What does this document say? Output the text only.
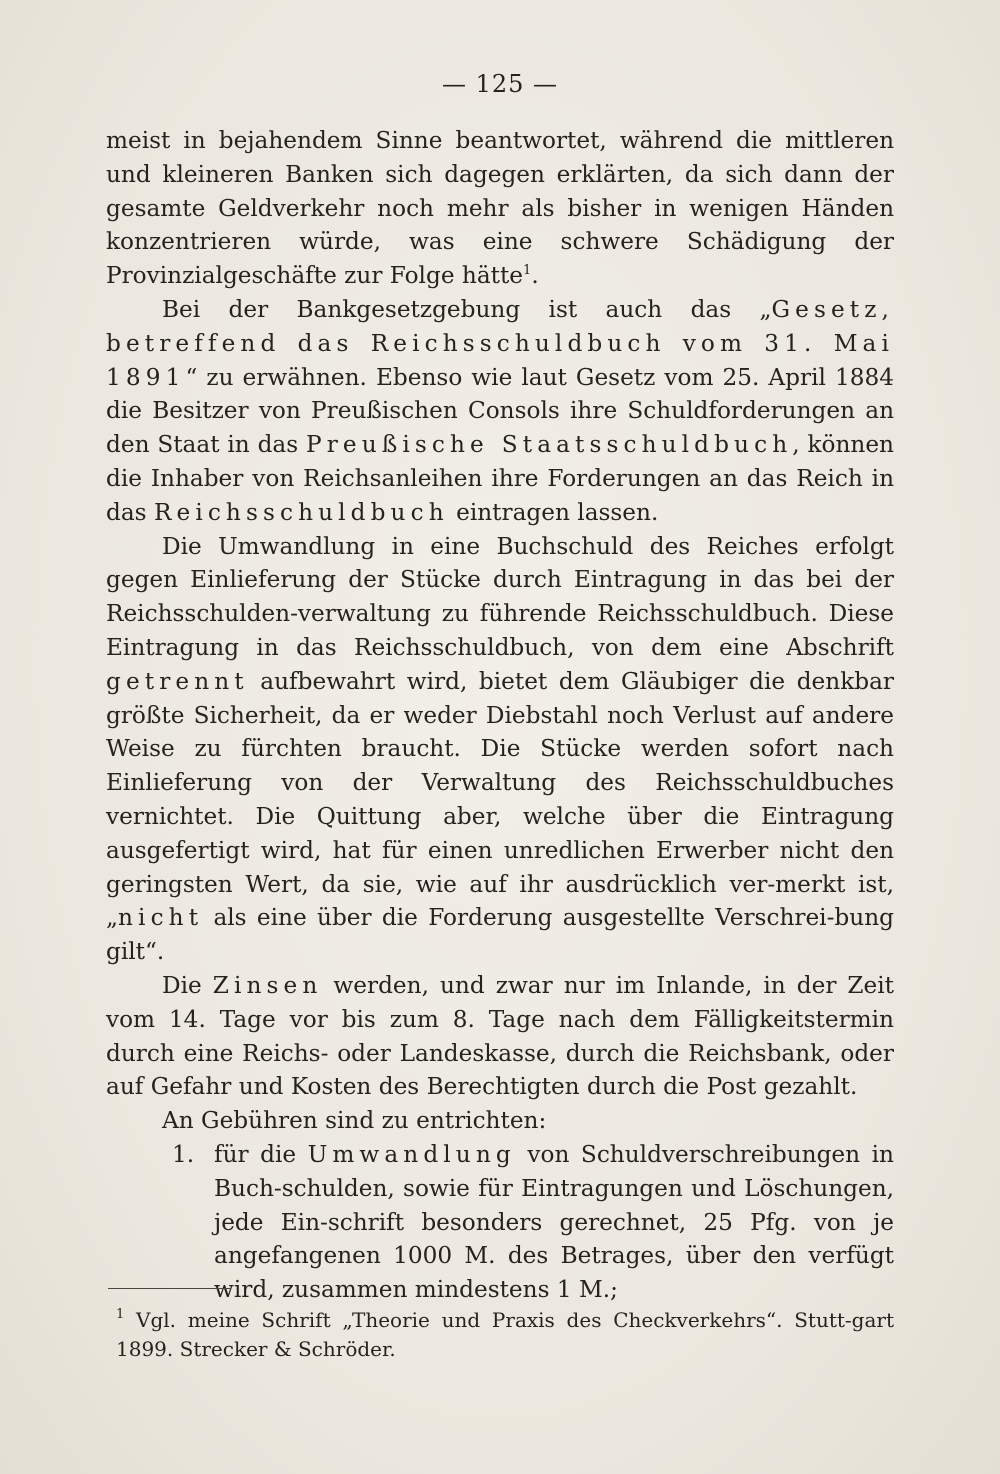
— 125 —

meist in bejahendem Sinne beantwortet, während die mittleren und kleineren Banken sich dagegen erklärten, da sich dann der gesamte Geldverkehr noch mehr als bisher in wenigen Händen konzentrieren würde, was eine schwere Schädigung der Provinzialgeschäfte zur Folge hätte$^1$.

Bei der Bankgesetzgebung ist auch das „Gesetz, betreffend das Reichsschuldbuch vom 31. Mai 1891“ zu erwähnen. Ebenso wie laut Gesetz vom 25. April 1884 die Besitzer von Preußischen Consols ihre Schuldforderungen an den Staat in das Preußische Staatsschuldbuch, können die Inhaber von Reichsanleihen ihre Forderungen an das Reich in das Reichsschuldbuch eintragen lassen.

Die Umwandlung in eine Buchschuld des Reiches erfolgt gegen Einlieferung der Stücke durch Eintragung in das bei der Reichsschulden-verwaltung zu führende Reichsschuldbuch. Diese Eintragung in das Reichsschuldbuch, von dem eine Abschrift getrennt aufbewahrt wird, bietet dem Gläubiger die denkbar größte Sicherheit, da er weder Diebstahl noch Verlust auf andere Weise zu fürchten braucht. Die Stücke werden sofort nach Einlieferung von der Verwaltung des Reichsschuldbuches vernichtet. Die Quittung aber, welche über die Eintragung ausgefertigt wird, hat für einen unredlichen Erwerber nicht den geringsten Wert, da sie, wie auf ihr ausdrücklich ver-merkt ist, „nicht als eine über die Forderung ausgestellte Verschrei-bung gilt“.

Die Zinsen werden, und zwar nur im Inlande, in der Zeit vom 14. Tage vor bis zum 8. Tage nach dem Fälligkeitstermin durch eine Reichs- oder Landeskasse, durch die Reichsbank, oder auf Gefahr und Kosten des Berechtigten durch die Post gezahlt.

An Gebühren sind zu entrichten:

1. für die Umwandlung von Schuldverschreibungen in Buch-schulden, sowie für Eintragungen und Löschungen, jede Ein-schrift besonders gerechnet, 25 Pfg. von je angefangenen 1000 M. des Betrages, über den verfügt wird, zusammen mindestens 1 M.;
$^1$ Vgl. meine Schrift „Theorie und Praxis des Checkverkehrs“. Stutt-gart 1899. Strecker & Schröder.
